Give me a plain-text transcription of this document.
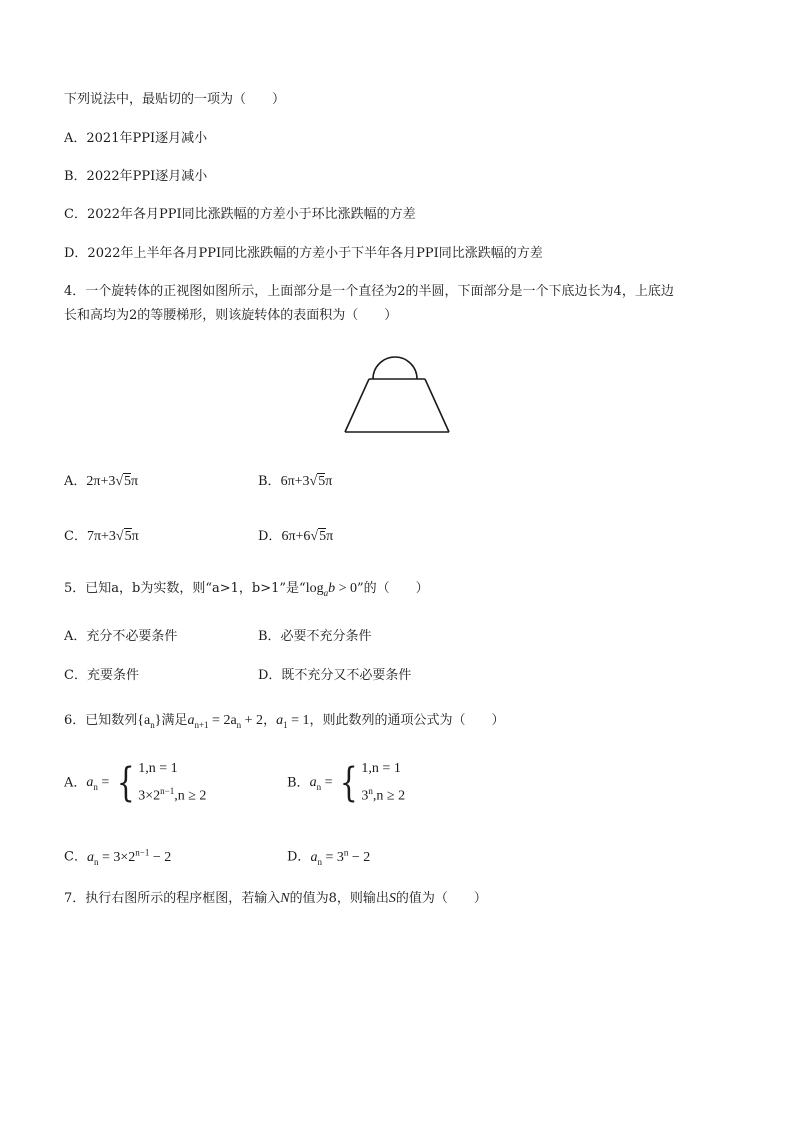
下列说法中，最贴切的一项为（　　）
A．2021年PPI逐月减小
B．2022年PPI逐月减小
C．2022年各月PPI同比涨跌幅的方差小于环比涨跌幅的方差
D．2022年上半年各月PPI同比涨跌幅的方差小于下半年各月PPI同比涨跌幅的方差
4．一个旋转体的正视图如图所示，上面部分是一个直径为2的半圆，下面部分是一个下底边长为4，上底边
长和高均为2的等腰梯形，则该旋转体的表面积为（　　）
A．2π+3√5π	B．6π+3√5π
C．7π+3√5π	D．6π+6√5π
5．已知a，b为实数，则“a>1，b>1”是“$\log_ab > 0$”的（　　）
A．充分不必要条件	B．必要不充分条件
C．充要条件	D．既不充分又不必要条件
6．已知数列$\{a_n\}$满足$a_{n+1} = 2a_n + 2$，$a_1 = 1$，则此数列的通项公式为（　　）
A．$a_n$ = { 1,n = 1
$3\times 2^{n-1},n \ge 2$
B．$a_n$ = { 1,n = 1
$3^n,n \ge 2$
C．$a_n = 3\times 2^{n-1} - 2$	D．$a_n = 3^n - 2$
7．执行右图所示的程序框图，若输入N的值为8，则输出S的值为（　　）
